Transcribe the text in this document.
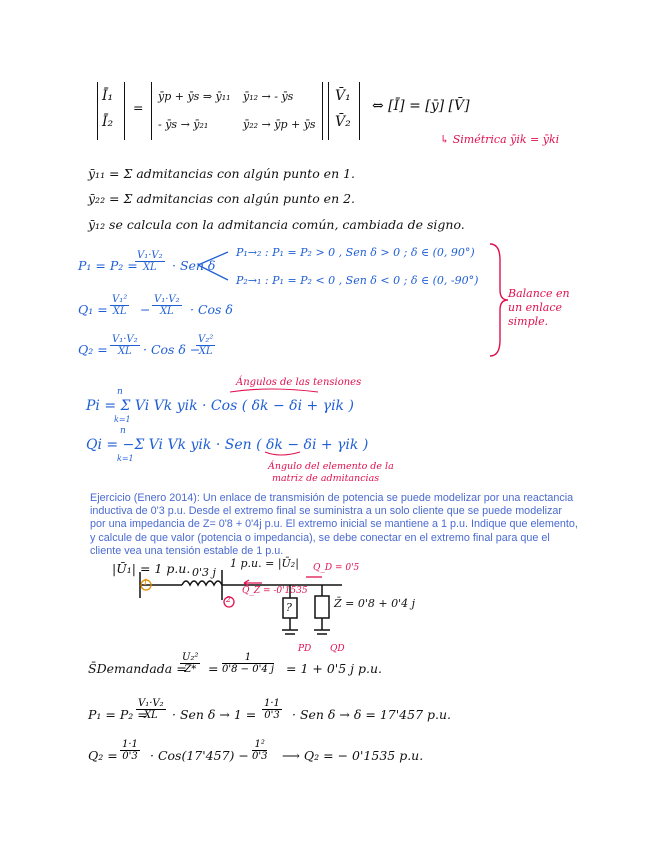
Ī₁
Ī₂
=
ȳp + ȳs ⇒ ȳ₁₁ ȳ₁₂ → - ȳs
- ȳs → ȳ₂₁	ȳ₂₂ → ȳp + ȳs
V̄₁
V̄₂
⇔ [Ī] = [ȳ] [V̄]
↳ Simétrica ȳik = ȳki
ȳ₁₁ = Σ admitancias con algún punto en 1.
ȳ₂₂ = Σ admitancias con algún punto en 2.
ȳ₁₂ se calcula con la admitancia común, cambiada de signo.
P₁ = P₂ =
$\frac{\text{V₁·V₂}}{XL}$ · Sen δ
P₁→₂ : P₁ = P₂ > 0 , Sen δ > 0 ; δ ∈ (0, 90°)
P₂→₁ : P₁ = P₂ < 0 , Sen δ < 0 ; δ ∈ (0, -90°)
$Q_1 = \frac{\text{V₁²}}{XL} - \frac{\text{V₁·V₂}}{XL}$ · Cos δ
$Q_2 = \frac{\text{V₁·V₂}}{XL}$ · Cos δ −
$\frac{\text{V₂²}}{XL}$
Balance en
un enlace
simple.
Ángulos de las tensiones
n
Pi = Σ Vi Vk yik · Cos ( δk − δi + γik )
k=1
n
Qi = −Σ Vi Vk yik · Sen ( δk − δi + γik )
k=1
Ángulo del elemento de la
matriz de admitancias
Ejercicio (Enero 2014): Un enlace de transmisión de potencia se puede modelizar por una reactancia inductiva de 0'3 p.u. Desde el extremo final se suministra a un solo cliente que se puede modelizar por una impedancia de Z= 0'8 + 0'4j p.u. El extremo inicial se mantiene a 1 p.u. Indique que elemento, y calcule de que valor (potencia o impedancia), se debe conectar en el extremo final para que el cliente vea una tensión estable de 1 p.u.
|Ū₁| = 1 p.u.
1
0'3 j
1 p.u. = |Ū₂|
2
Q_D = 0'5
Q_Z = -0'1535
?	Z̄ = 0'8 + 0'4 j
S̄Demandada =
$\frac{\text{U₂²}}{Z*} = \frac{1}{0'8 - 0'4 j} = 1 + 0'5$ j p.u.
PD QD
P₁ = P₂ =
$\frac{\text{V₁·V₂}}{XL}$ · Sen $\delta \to 1 = \frac{1\cdot 1}{0'3}$ · Sen δ → δ = 17'457 p.u.
$Q_2 = \frac{1\cdot 1}{0'3} \cdot Cos(17'457) - \frac{\text{1²}}{0'3}$ ⟶ Q₂ = − 0'1535 p.u.
